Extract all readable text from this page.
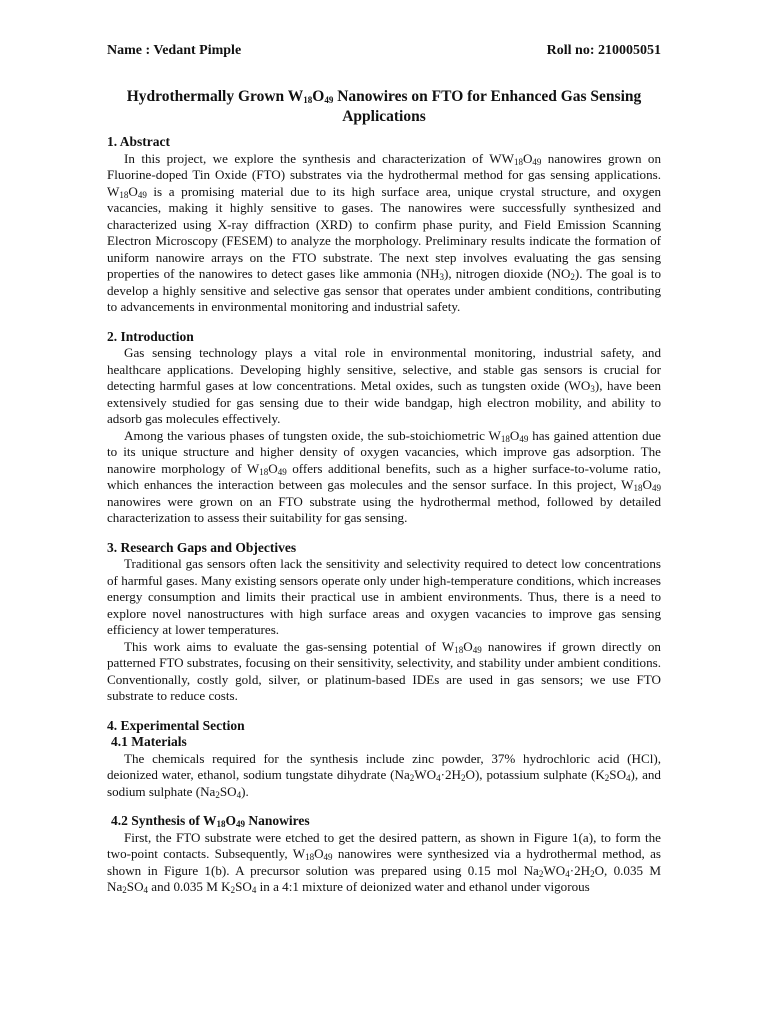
Name : Vedant Pimple	Roll no: 210005051
Hydrothermally Grown $W_{18}O_{49}$ Nanowires on FTO for Enhanced Gas Sensing Applications
1. Abstract

In this project, we explore the synthesis and characterization of $WW_{18}O_{49}$ nanowires grown on Fluorine-doped Tin Oxide (FTO) substrates via the hydrothermal method for gas sensing applications. $W_{18}O_{49}$ is a promising material due to its high surface area, unique crystal structure, and oxygen vacancies, making it highly sensitive to gases. The nanowires were successfully synthesized and characterized using X-ray diffraction (XRD) to confirm phase purity, and Field Emission Scanning Electron Microscopy (FESEM) to analyze the morphology. Preliminary results indicate the formation of uniform nanowire arrays on the FTO substrate. The next step involves evaluating the gas sensing properties of the nanowires to detect gases like ammonia $(NH_3)$, nitrogen dioxide $(NO_2)$. The goal is to develop a highly sensitive and selective gas sensor that operates under ambient conditions, contributing to advancements in environmental monitoring and industrial safety.

2. Introduction

Gas sensing technology plays a vital role in environmental monitoring, industrial safety, and healthcare applications. Developing highly sensitive, selective, and stable gas sensors is crucial for detecting harmful gases at low concentrations. Metal oxides, such as tungsten oxide $(WO_3)$, have been extensively studied for gas sensing due to their wide bandgap, high electron mobility, and ability to adsorb gas molecules effectively.

Among the various phases of tungsten oxide, the sub-stoichiometric $W_{18}O_{49}$ has gained attention due to its unique structure and higher density of oxygen vacancies, which improve gas adsorption. The nanowire morphology of $W_{18}O_{49}$ offers additional benefits, such as a higher surface-to-volume ratio, which enhances the interaction between gas molecules and the sensor surface. In this project, $W_{18}O_{49}$ nanowires were grown on an FTO substrate using the hydrothermal method, followed by detailed characterization to assess their suitability for gas sensing.

3. Research Gaps and Objectives

Traditional gas sensors often lack the sensitivity and selectivity required to detect low concentrations of harmful gases. Many existing sensors operate only under high-temperature conditions, which increases energy consumption and limits their practical use in ambient environments. Thus, there is a need to explore novel nanostructures with high surface areas and oxygen vacancies to improve gas sensing efficiency at lower temperatures.

This work aims to evaluate the gas-sensing potential of $W_{18}O_{49}$ nanowires if grown directly on patterned FTO substrates, focusing on their sensitivity, selectivity, and stability under ambient conditions. Conventionally, costly gold, silver, or platinum-based IDEs are used in gas sensors; we use FTO substrate to reduce costs.

4. Experimental Section
4.1 Materials

The chemicals required for the synthesis include zinc powder, 37% hydrochloric acid (HCl), deionized water, ethanol, sodium tungstate dihydrate $(Na_2WO_4\cdot 2H_2O)$, potassium sulphate $(K_2SO_4)$, and sodium sulphate $(Na_2SO_4)$.

4.2 Synthesis of $W_{18}O_{49}$ Nanowires

First, the FTO substrate were etched to get the desired pattern, as shown in Figure 1(a), to form the two-point contacts. Subsequently, $W_{18}O_{49}$ nanowires were synthesized via a hydrothermal method, as shown in Figure 1(b). A precursor solution was prepared using 0.15 mol $Na_2WO_4\cdot 2H_2O$, 0.035 M $Na_2SO_4$ and 0.035 M $K_2SO_4$ in a 4:1 mixture of deionized water and ethanol under vigorous
